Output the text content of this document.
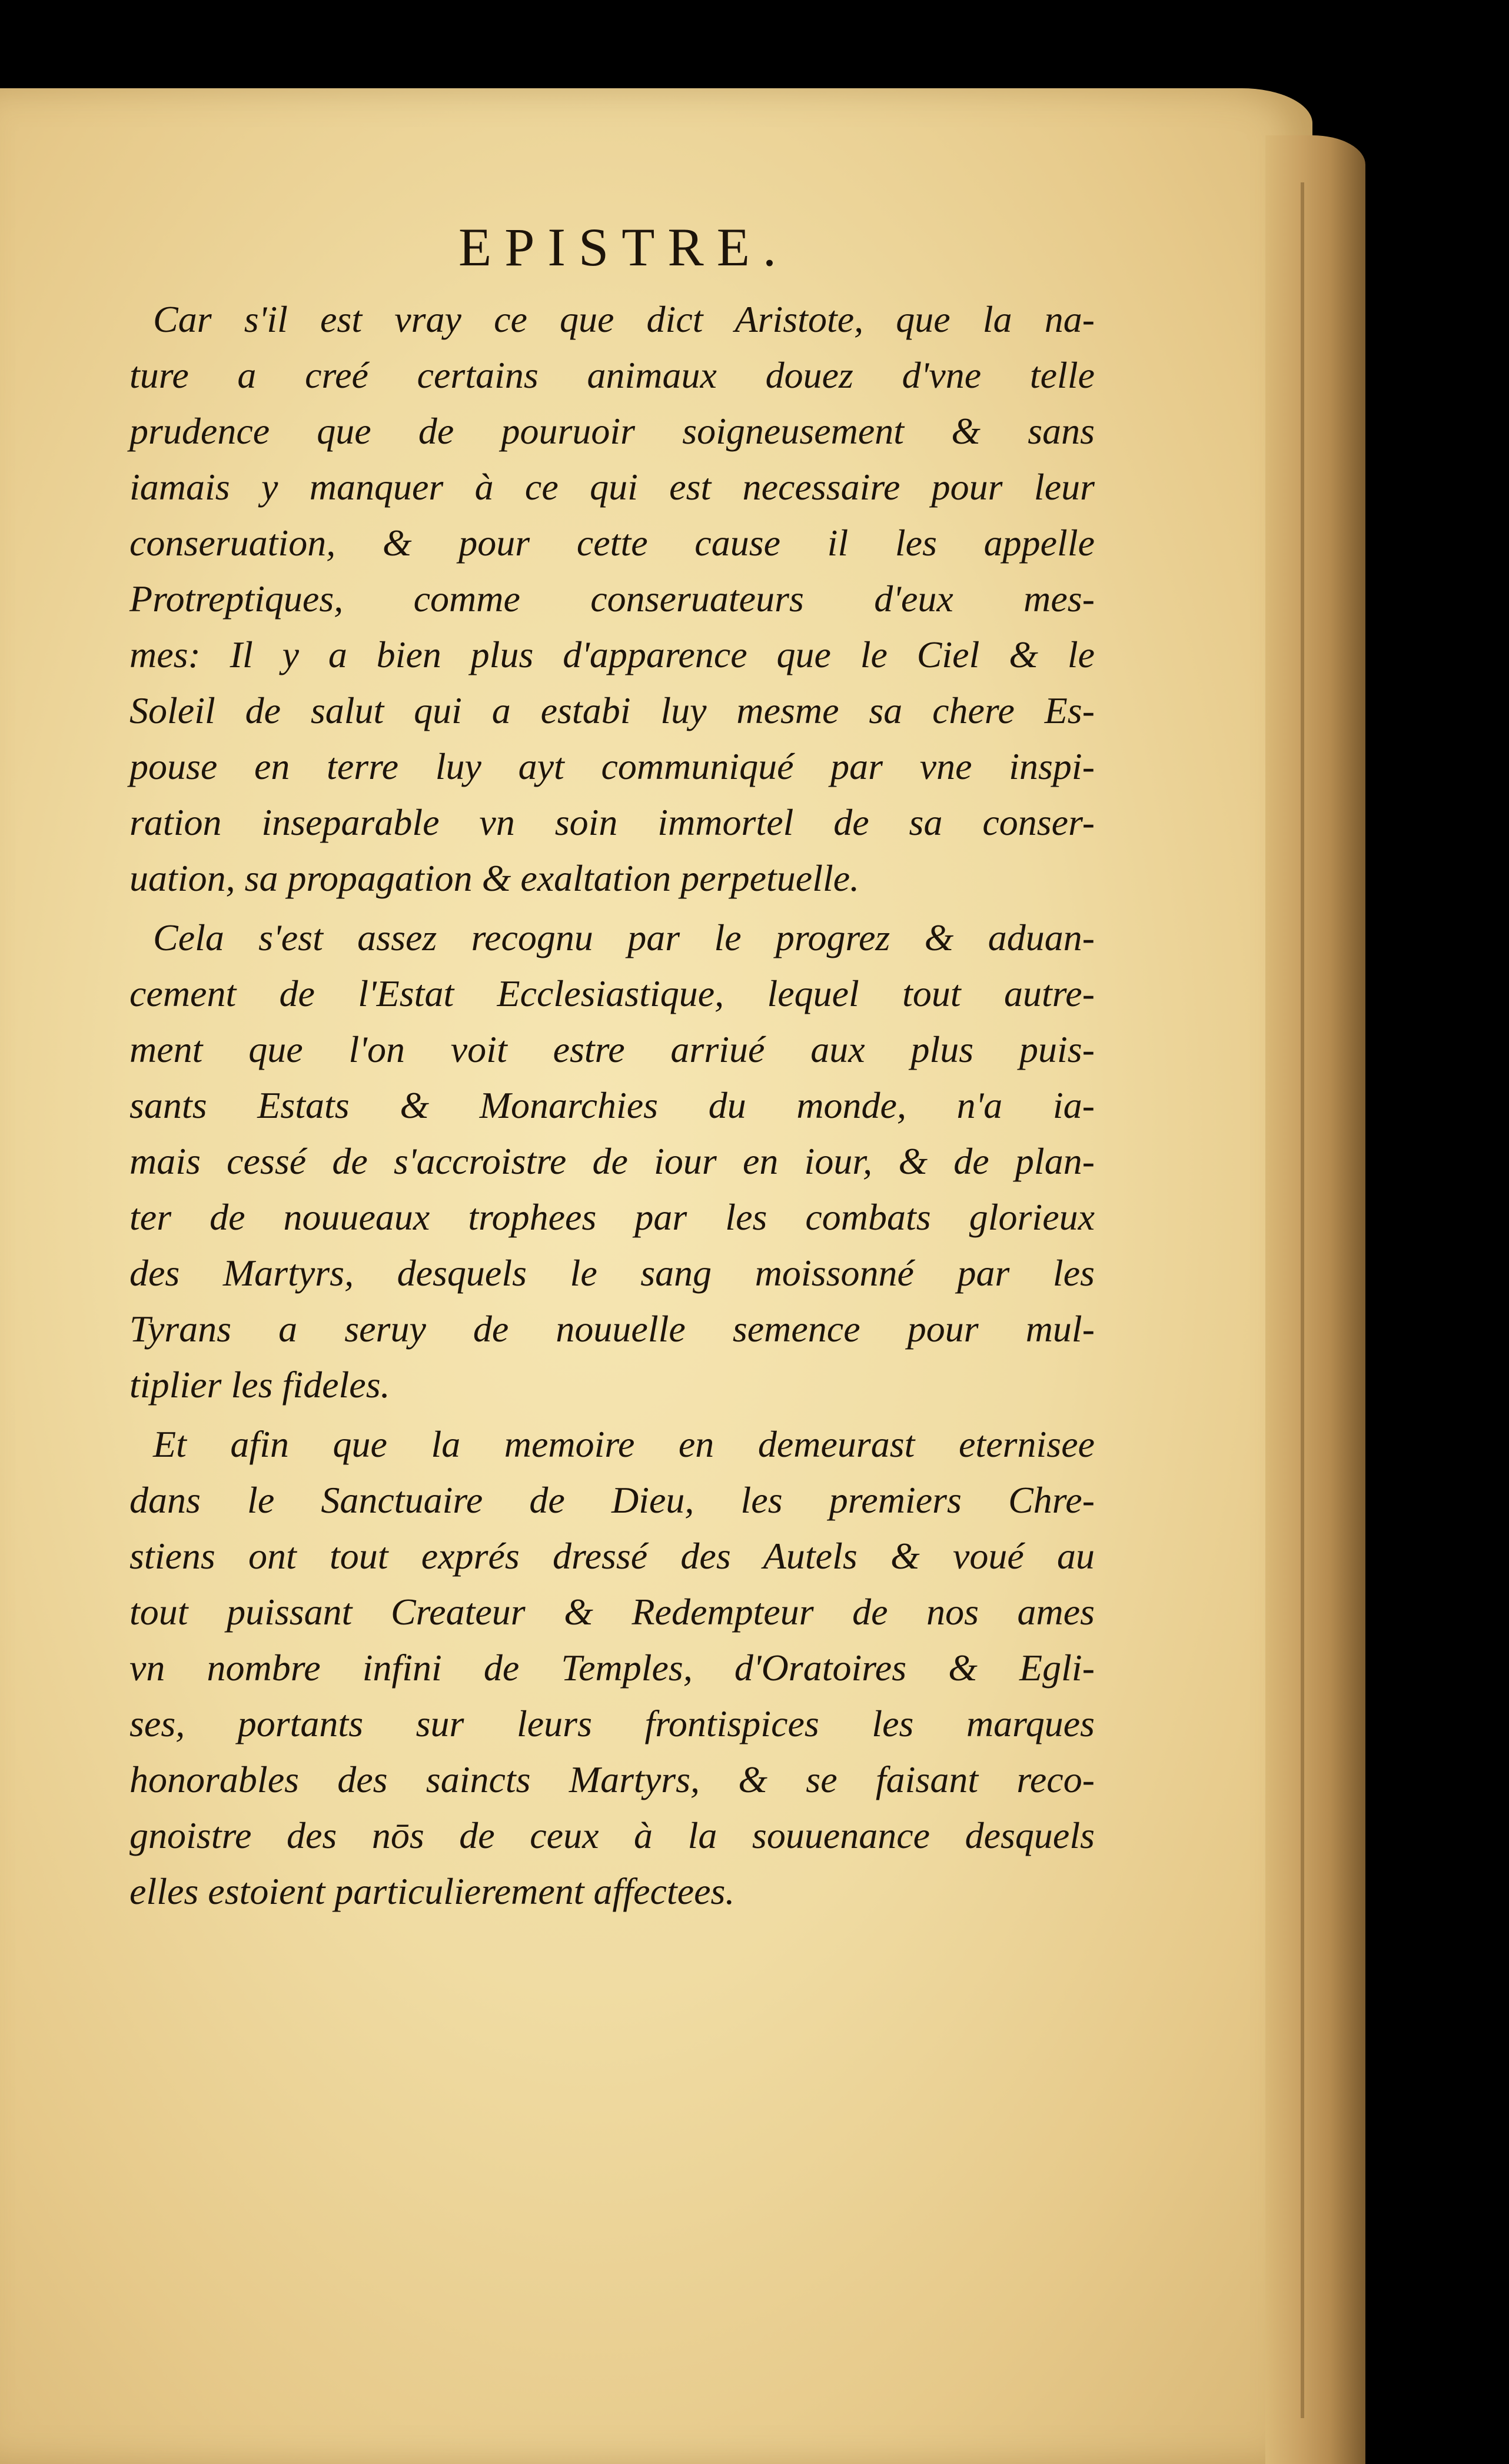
EPISTRE.
Car s'il est vray ce que dict Aristote, que la na-
ture a creé certains animaux douez d'vne telle
prudence que de pouruoir soigneusement & sans
iamais y manquer à ce qui est necessaire pour leur
conseruation, & pour cette cause il les appelle
Protreptiques, comme conseruateurs d'eux mes-
mes: Il y a bien plus d'apparence que le Ciel & le
Soleil de salut qui a estabi luy mesme sa chere Es-
pouse en terre luy ayt communiqué par vne inspi-
ration inseparable vn soin immortel de sa conser-
uation, sa propagation & exaltation perpetuelle.
Cela s'est assez recognu par le progrez & aduan-
cement de l'Estat Ecclesiastique, lequel tout autre-
ment que l'on voit estre arriué aux plus puis-
sants Estats & Monarchies du monde, n'a ia-
mais cessé de s'accroistre de iour en iour, & de plan-
ter de nouueaux trophees par les combats glorieux
des Martyrs, desquels le sang moissonné par les
Tyrans a seruy de nouuelle semence pour mul-
tiplier les fideles.
Et afin que la memoire en demeurast eternisee
dans le Sanctuaire de Dieu, les premiers Chre-
stiens ont tout exprés dressé des Autels & voué au
tout puissant Createur & Redempteur de nos ames
vn nombre infini de Temples, d'Oratoires & Egli-
ses, portants sur leurs frontispices les marques
honorables des saincts Martyrs, & se faisant reco-
gnoistre des nōs de ceux à la souuenance desquels
elles estoient particulierement affectees.
